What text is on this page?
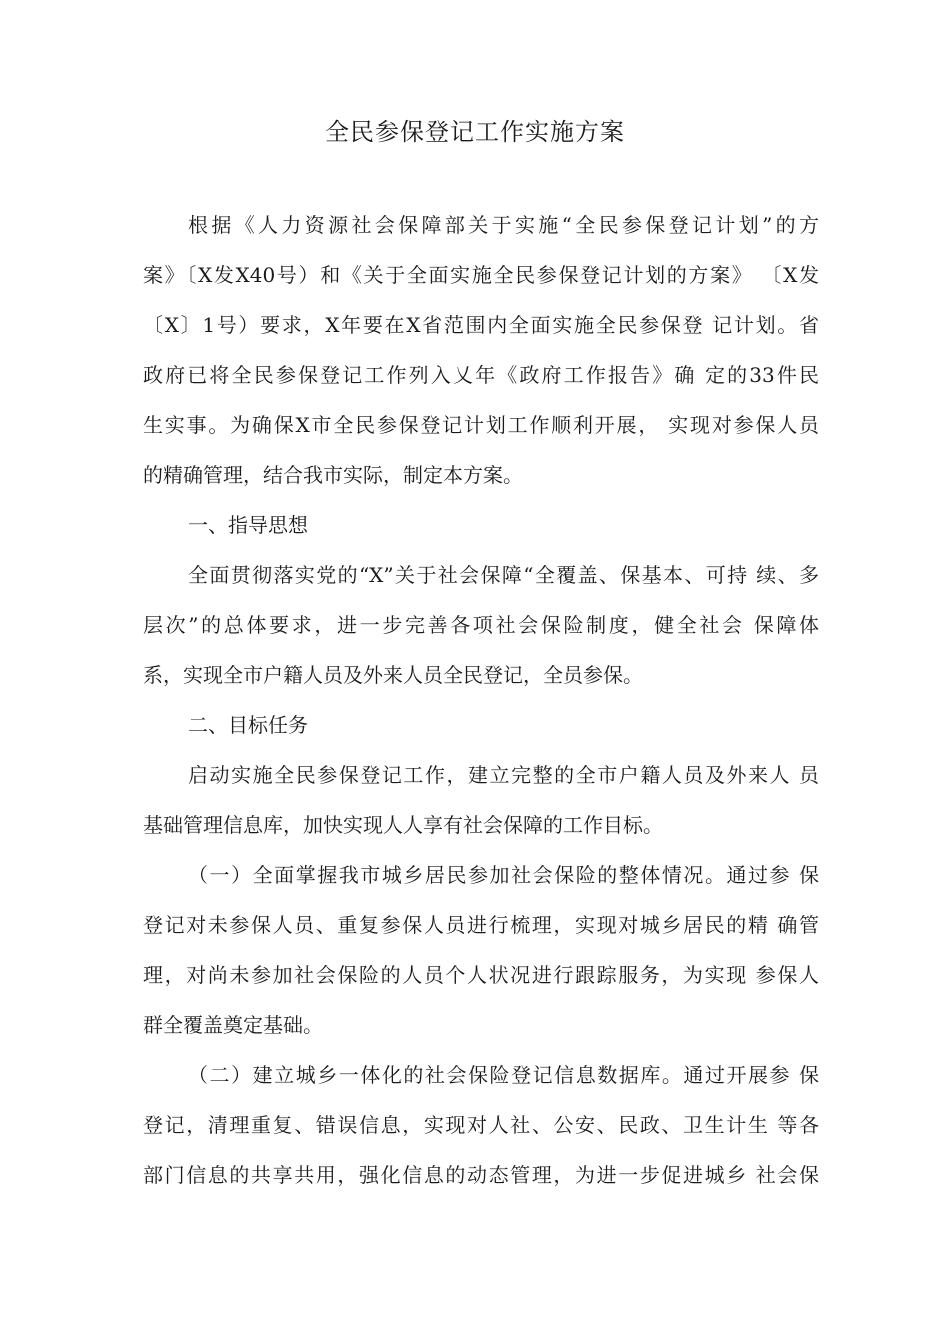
全民参保登记工作实施方案
根据《人力资源社会保障部关于实施“全民参保登记计划”的方
案》〔X发X40号）和《关于全面实施全民参保登记计划的方案》 〔X发
〔X〕1号）要求，X年要在X省范围内全面实施全民参保登 记计划。省
政府已将全民参保登记工作列入乂年《政府工作报告》确 定的33件民
生实事。为确保X市全民参保登记计划工作顺利开展， 实现对参保人员
的精确管理，结合我市实际，制定本方案。
一、指导思想
全面贯彻落实党的“X”关于社会保障“全覆盖、保基本、可持 续、多
层次”的总体要求，进一步完善各项社会保险制度，健全社会 保障体
系，实现全市户籍人员及外来人员全民登记，全员参保。
二、目标任务
启动实施全民参保登记工作，建立完整的全市户籍人员及外来人 员
基础管理信息库，加快实现人人享有社会保障的工作目标。
（一）全面掌握我市城乡居民参加社会保险的整体情况。通过参 保
登记对未参保人员、重复参保人员进行梳理，实现对城乡居民的精 确管
理，对尚未参加社会保险的人员个人状况进行跟踪服务，为实现 参保人
群全覆盖奠定基础。
（二）建立城乡一体化的社会保险登记信息数据库。通过开展参 保
登记，清理重复、错误信息，实现对人社、公安、民政、卫生计生 等各
部门信息的共享共用，强化信息的动态管理，为进一步促进城乡 社会保
